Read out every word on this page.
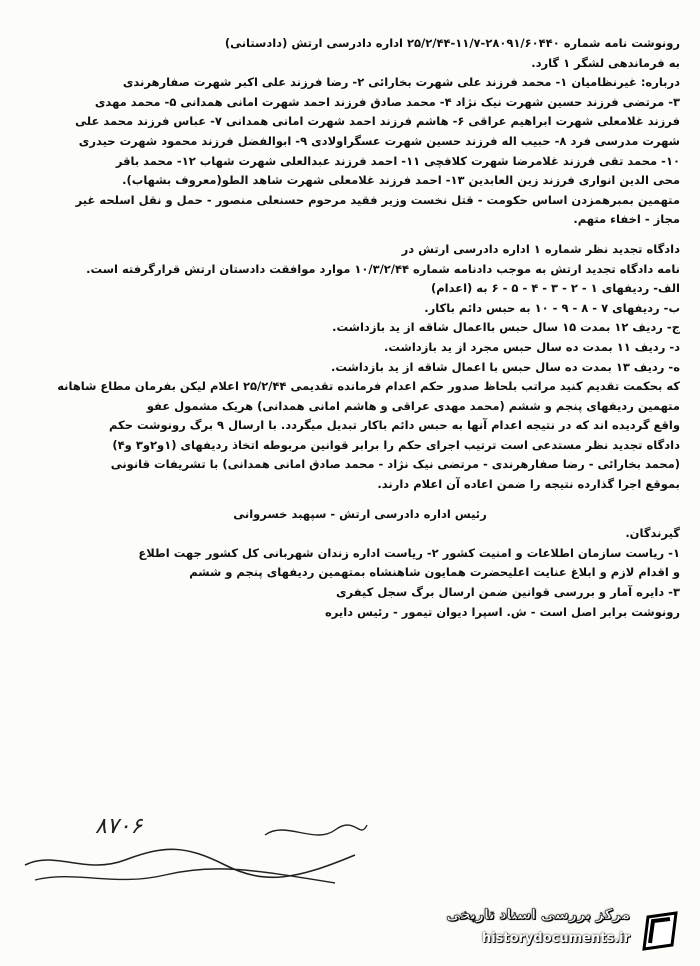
رونوشت نامه شماره ۲۸۰۹۱/۶۰۴۴۰-۱۱/۷-۲۵/۲/۴۴ اداره دادرسی ارتش (دادستانی)
به فرماندهی لشگر ۱ گارد.
درباره: غیرنظامیان ۱- محمد فرزند علی شهرت بخارائی ۲- رضا فرزند علی اکبر شهرت صفارهرندی
۳- مرتضی فرزند حسین شهرت نیک نژاد ۴- محمد صادق فرزند احمد شهرت امانی همدانی ۵- محمد مهدی
فرزند غلامعلی شهرت ابراهیم عراقی ۶- هاشم فرزند احمد شهرت امانی همدانی ۷- عباس فرزند محمد علی
شهرت مدرسی فرد ۸- حبیب اله فرزند حسین شهرت عسگراولادی ۹- ابوالفضل فرزند محمود شهرت حیدری
۱۰- محمد تقی فرزند غلامرضا شهرت کلافچی ۱۱- احمد فرزند عبدالعلی شهرت شهاب ۱۲- محمد باقر
محی الدین انواری فرزند زین العابدین ۱۳- احمد فرزند غلامعلی شهرت شاهد الطو(معروف بشهاب).
متهمین بمبرهمزدن اساس حکومت - قتل نخست وزیر فقید مرحوم حسنعلی منصور - حمل و نقل اسلحه غیر
مجاز - اخفاء متهم.
دادگاه تجدید نظر شماره ۱ اداره دادرسی ارتش در
نامه دادگاه تجدید ارتش به موجب دادنامه شماره ۱۰/۳/۲/۴۴ موارد موافقت دادستان ارتش قرارگرفته است.
الف- ردیفهای ۱ - ۲ - ۳ - ۴ - ۵ - ۶ به (اعدام)
ب- ردیفهای ۷ - ۸ - ۹ - ۱۰ به حبس دائم باکار.
ج- ردیف ۱۲ بمدت ۱۵ سال حبس بااعمال شاقه از ید بازداشت.
د- ردیف ۱۱ بمدت ده سال حبس مجرد از ید بازداشت.
ه- ردیف ۱۳ بمدت ده سال حبس با اعمال شاقه از ید بازداشت.
که بحکمت تقدیم کنید مراتب بلحاظ صدور حکم اعدام فرمانده تقدیمی ۲۵/۲/۴۴ اعلام لیکن بفرمان مطاع شاهانه
متهمین ردیفهای پنجم و ششم (محمد مهدی عراقی و هاشم امانی همدانی) هریک مشمول عفو
واقع گردیده اند که در نتیجه اعدام آنها به حبس دائم باکار تبدیل میگردد. با ارسال ۹ برگ رونوشت حکم
دادگاه تجدید نظر مستدعی است ترتیب اجرای حکم را برابر قوانین مربوطه اتخاذ ردیفهای (۱و۲و۳ و۴)
(محمد بخارائی - رضا صفارهرندی - مرتضی نیک نژاد - محمد صادق امانی همدانی) با تشریفات قانونی
بموقع اجرا گذارده نتیجه را ضمن اعاده آن اعلام دارند.
رئیس اداره دادرسی ارتش - سپهبد خسروانی
گیرندگان.
۱- ریاست سازمان اطلاعات و امنیت کشور ۲- ریاست اداره زندان شهربانی کل کشور جهت اطلاع
و اقدام لازم و ابلاغ عنایت اعلیحضرت همایون شاهنشاه بمتهمین ردیفهای پنجم و ششم
۳- دایره آمار و بررسی قوانین ضمن ارسال برگ سجل کیفری
رونوشت برابر اصل است - ش. اسپرا دیوان تیمور - رئیس دایره
۸۷۰۶
مرکز بررسی اسناد تاریخی
historydocuments.ir
